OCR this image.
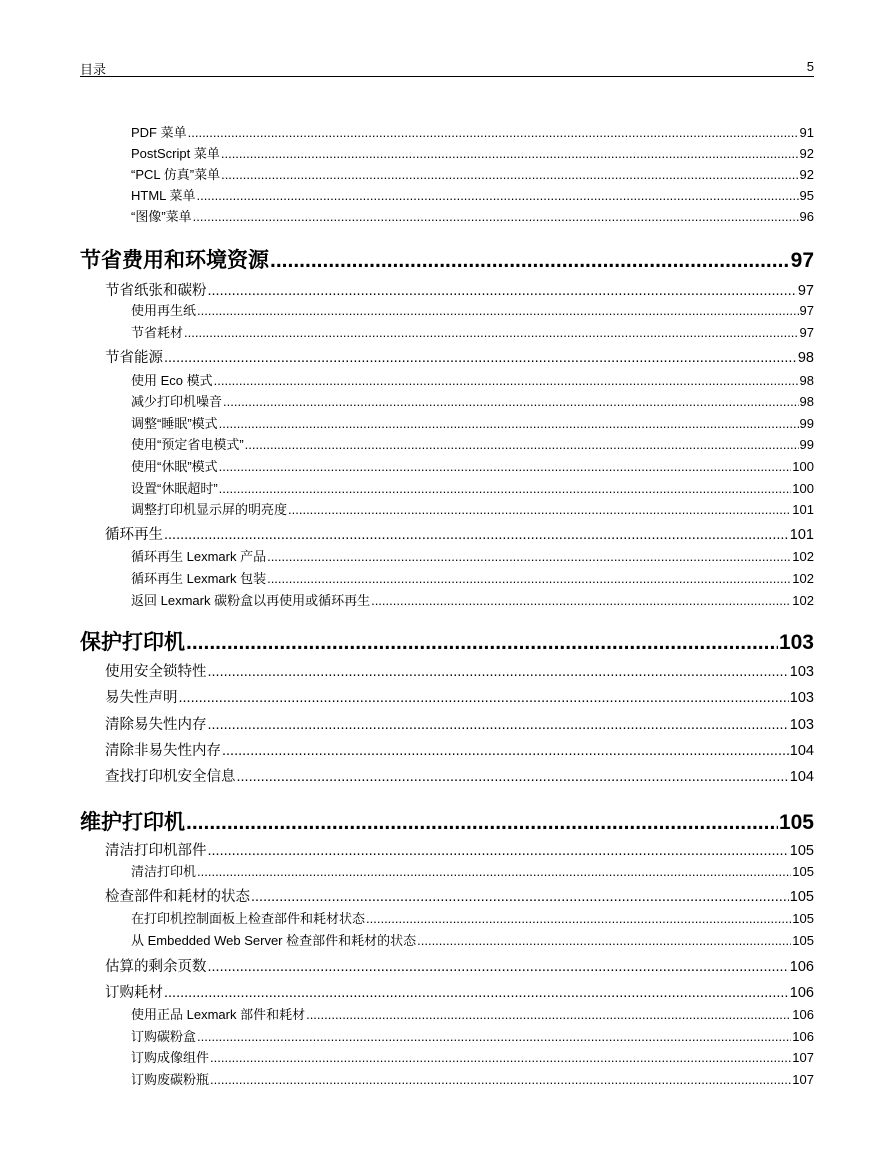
目录	5
PDF 菜单 .....	91
PostScript 菜单 .....	92
“PCL 仿真”菜单 .....	92
HTML 菜单 .....	95
“图像”菜单 .....	96
节省费用和环境资源 .....	97
节省纸张和碳粉 .....	97
使用再生纸 .....	97
节省耗材 .....	97
节省能源 .....	98
使用 Eco 模式 .....	98
减少打印机噪音 .....	98
调整“睡眠”模式 .....	99
使用“预定省电模式” .....	99
使用“休眠”模式 .....	100
设置“休眠超时” .....	100
调整打印机显示屏的明亮度 .....	101
循环再生 .....	101
循环再生 Lexmark 产品 .....	102
循环再生 Lexmark 包装 .....	102
返回 Lexmark 碳粉盒以再使用或循环再生 .....	102
保护打印机 .....	103
使用安全锁特性 .....	103
易失性声明 .....	103
清除易失性内存 .....	103
清除非易失性内存 .....	104
查找打印机安全信息 .....	104
维护打印机 .....	105
清洁打印机部件 .....	105
清洁打印机 .....	105
检查部件和耗材的状态 .....	105
在打印机控制面板上检查部件和耗材状态 .....	105
从 Embedded Web Server 检查部件和耗材的状态 .....	105
估算的剩余页数 .....	106
订购耗材 .....	106
使用正品 Lexmark 部件和耗材 .....	106
订购碳粉盒 .....	106
订购成像组件 .....	107
订购废碳粉瓶 .....	107
